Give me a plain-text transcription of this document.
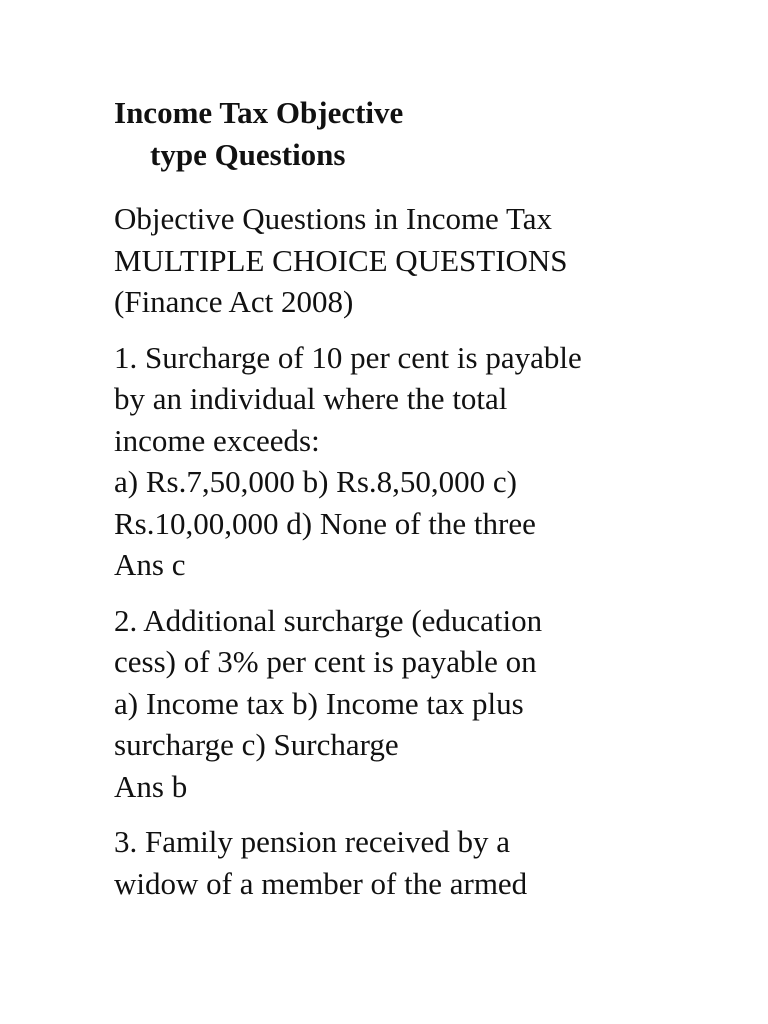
Income Tax Objective
type Questions
Objective Questions in Income Tax
MULTIPLE CHOICE QUESTIONS
(Finance Act 2008)
1. Surcharge of 10 per cent is payable
by an individual where the total
income exceeds:
a) Rs.7,50,000 b) Rs.8,50,000 c)
Rs.10,00,000 d) None of the three
Ans c
2. Additional surcharge (education
cess) of 3% per cent is payable on
a) Income tax b) Income tax plus
surcharge c) Surcharge
Ans b
3. Family pension received by a
widow of a member of the armed
